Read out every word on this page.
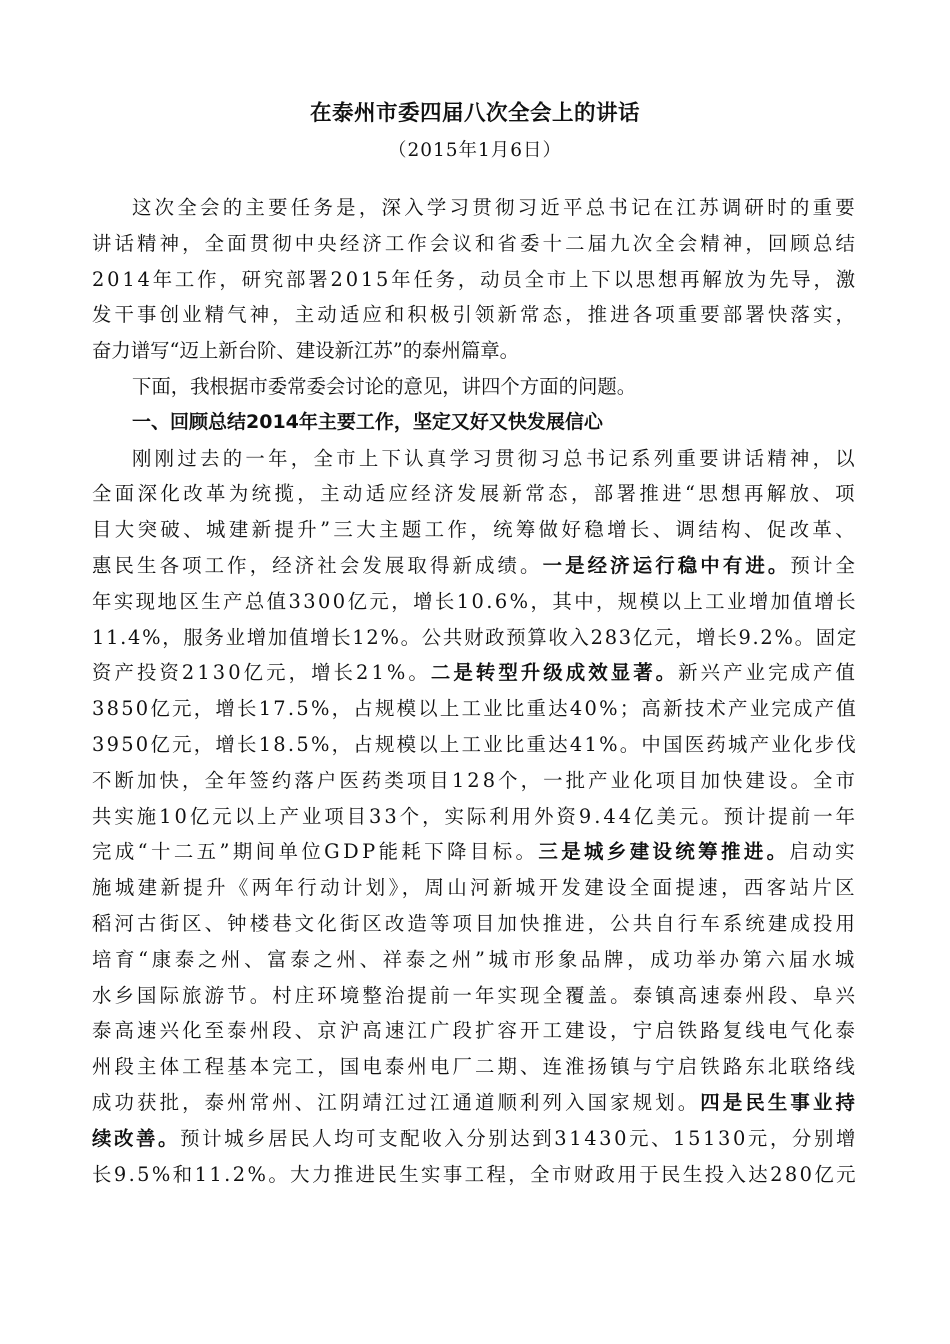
在泰州市委四届八次全会上的讲话
（2015年1月6日）
这次全会的主要任务是，深入学习贯彻习近平总书记在江苏调研时的重要
讲话精神，全面贯彻中央经济工作会议和省委十二届九次全会精神，回顾总结
2014年工作，研究部署2015年任务，动员全市上下以思想再解放为先导，激
发干事创业精气神，主动适应和积极引领新常态，推进各项重要部署快落实，
奋力谱写“迈上新台阶、建设新江苏”的泰州篇章。
下面，我根据市委常委会讨论的意见，讲四个方面的问题。
一、回顾总结2014年主要工作，坚定又好又快发展信心
刚刚过去的一年，全市上下认真学习贯彻习总书记系列重要讲话精神，以
全面深化改革为统揽，主动适应经济发展新常态，部署推进“思想再解放、项
目大突破、城建新提升”三大主题工作，统筹做好稳增长、调结构、促改革、
惠民生各项工作，经济社会发展取得新成绩。一是经济运行稳中有进。预计全
年实现地区生产总值3300亿元，增长10.6%，其中，规模以上工业增加值增长
11.4%，服务业增加值增长12%。公共财政预算收入283亿元，增长9.2%。固定
资产投资2130亿元，增长21%。二是转型升级成效显著。新兴产业完成产值
3850亿元，增长17.5%，占规模以上工业比重达40%；高新技术产业完成产值
3950亿元，增长18.5%，占规模以上工业比重达41%。中国医药城产业化步伐
不断加快，全年签约落户医药类项目128个，一批产业化项目加快建设。全市
共实施10亿元以上产业项目33个，实际利用外资9.44亿美元。预计提前一年
完成“十二五”期间单位GDP能耗下降目标。三是城乡建设统筹推进。启动实
施城建新提升《两年行动计划》，周山河新城开发建设全面提速，西客站片区
稻河古街区、钟楼巷文化街区改造等项目加快推进，公共自行车系统建成投用
培育“康泰之州、富泰之州、祥泰之州”城市形象品牌，成功举办第六届水城
水乡国际旅游节。村庄环境整治提前一年实现全覆盖。泰镇高速泰州段、阜兴
泰高速兴化至泰州段、京沪高速江广段扩容开工建设，宁启铁路复线电气化泰
州段主体工程基本完工，国电泰州电厂二期、连淮扬镇与宁启铁路东北联络线
成功获批，泰州常州、江阴靖江过江通道顺利列入国家规划。四是民生事业持
续改善。预计城乡居民人均可支配收入分别达到31430元、15130元，分别增
长9.5%和11.2%。大力推进民生实事工程，全市财政用于民生投入达280亿元
